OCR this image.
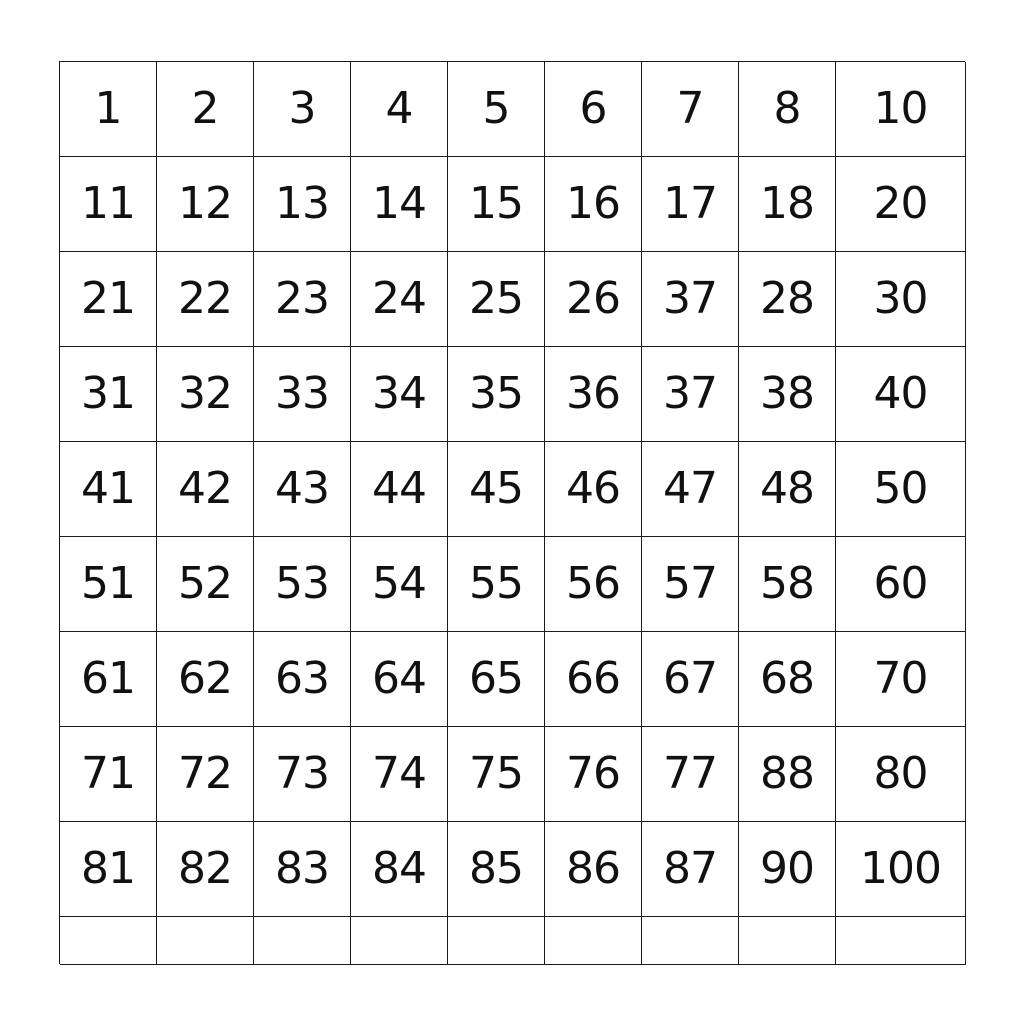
1	2	3	4	5	6	7	8	10
11 12 13 14 15 16 17 18	20
21 22 23 24 25 26 37 28	30
31 32 33 34 35 36 37 38	40
41 42 43 44 45 46 47 48	50
51 52 53 54 55 56 57 58	60
61 62 63 64 65 66 67 68	70
71 72 73 74 75 76 77 88	80
81 82 83 84 85 86 87 90	100
